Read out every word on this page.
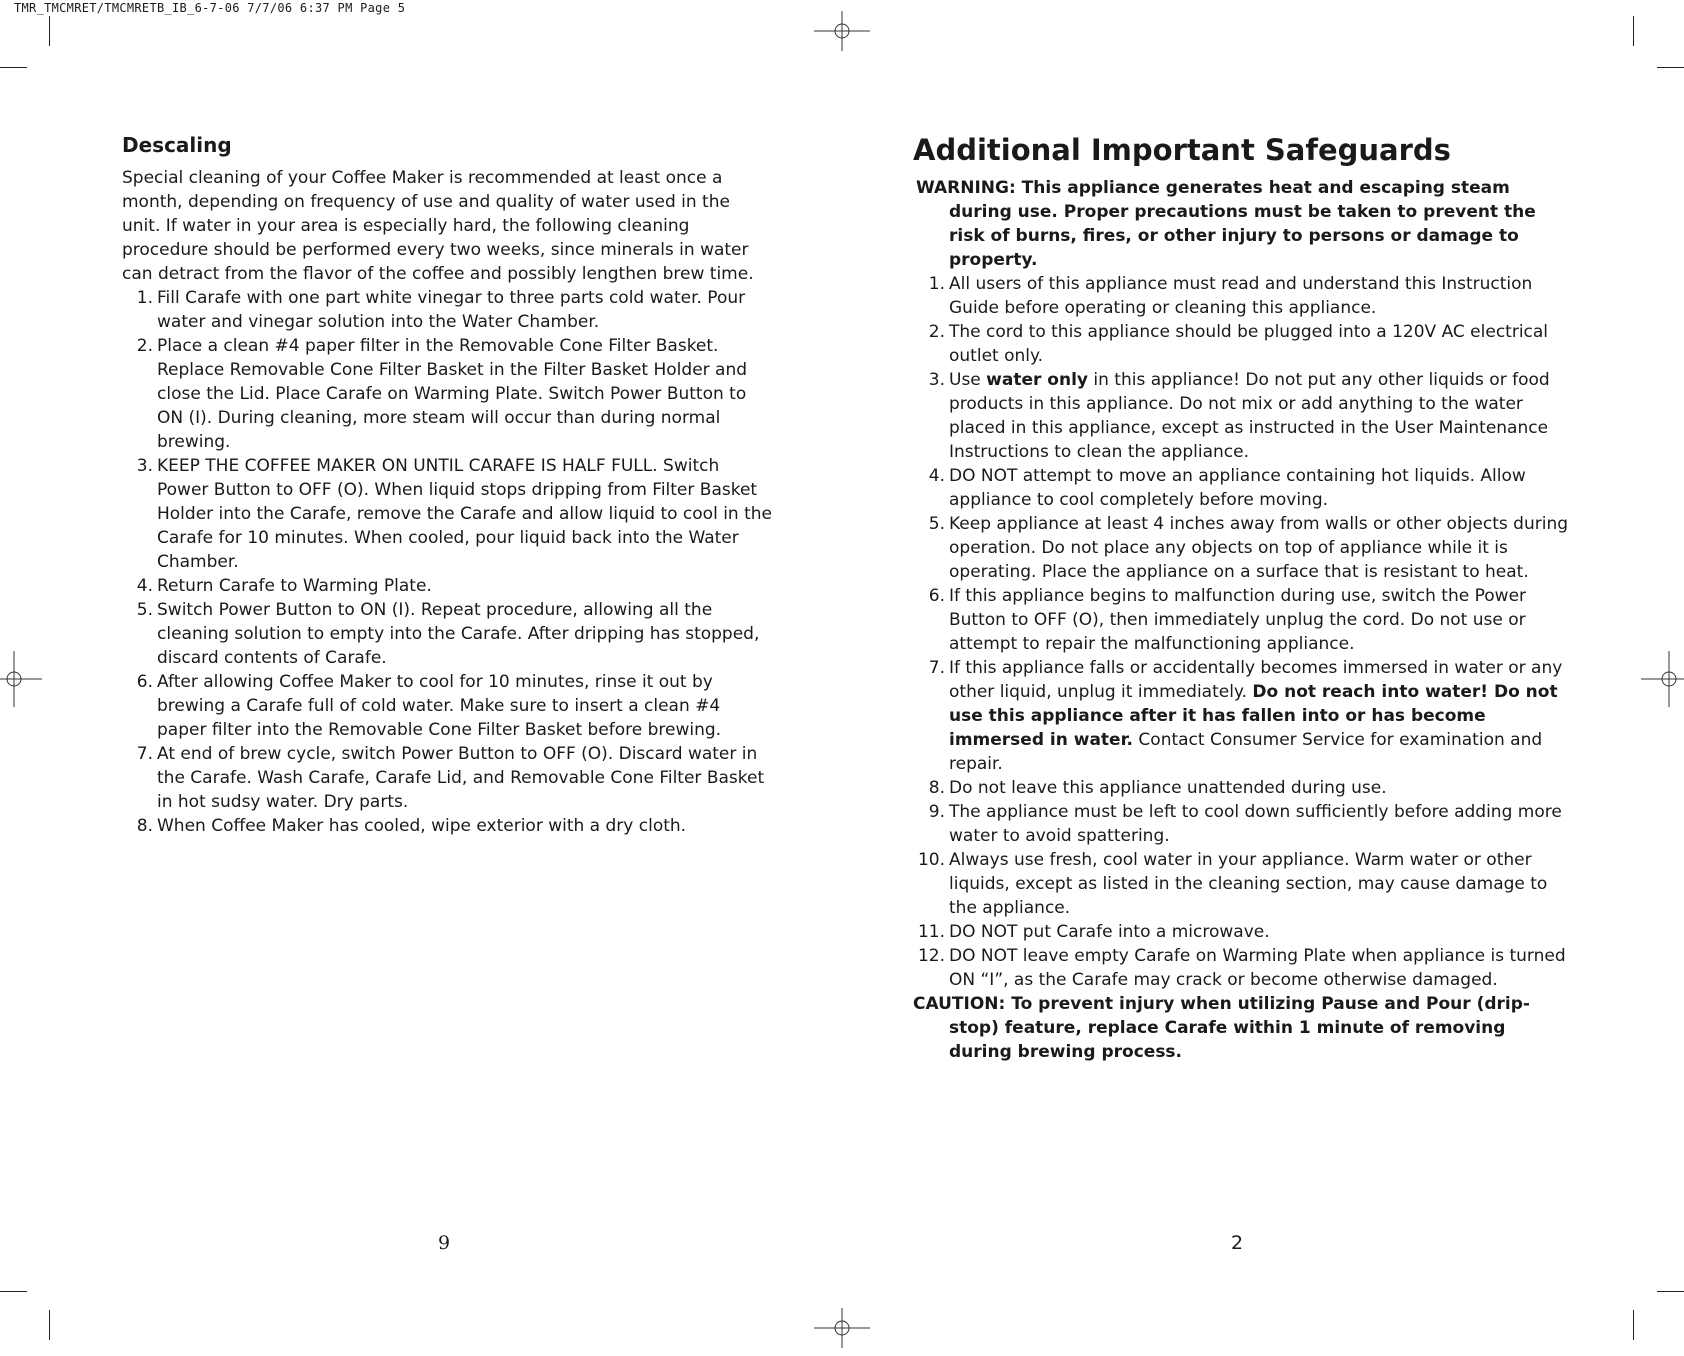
TMR_TMCMRET/TMCMRETB_IB_6-7-06 7/7/06 6:37 PM Page 5
Descaling

Special cleaning of your Coffee Maker is recommended at least once a month, depending on frequency of use and quality of water used in the unit. If water in your area is especially hard, the following cleaning procedure should be performed every two weeks, since minerals in water can detract from the flavor of the coffee and possibly lengthen brew time.

1. Fill Carafe with one part white vinegar to three parts cold water. Pour water and vinegar solution into the Water Chamber.
2. Place a clean #4 paper filter in the Removable Cone Filter Basket. Replace Removable Cone Filter Basket in the Filter Basket Holder and close the Lid. Place Carafe on Warming Plate. Switch Power Button to ON (I). During cleaning, more steam will occur than during normal brewing.
3. KEEP THE COFFEE MAKER ON UNTIL CARAFE IS HALF FULL. Switch Power Button to OFF (O). When liquid stops dripping from Filter Basket Holder into the Carafe, remove the Carafe and allow liquid to cool in the Carafe for 10 minutes. When cooled, pour liquid back into the Water Chamber.
4. Return Carafe to Warming Plate.
5. Switch Power Button to ON (I). Repeat procedure, allowing all the cleaning solution to empty into the Carafe. After dripping has stopped, discard contents of Carafe.
6. After allowing Coffee Maker to cool for 10 minutes, rinse it out by brewing a Carafe full of cold water. Make sure to insert a clean #4 paper filter into the Removable Cone Filter Basket before brewing.
7. At end of brew cycle, switch Power Button to OFF (O). Discard water in the Carafe. Wash Carafe, Carafe Lid, and Removable Cone Filter Basket in hot sudsy water. Dry parts.
8. When Coffee Maker has cooled, wipe exterior with a dry cloth.
9
Additional Important Safeguards

WARNING: This appliance generates heat and escaping steam during use. Proper precautions must be taken to prevent the risk of burns, fires, or other injury to persons or damage to property.

1. All users of this appliance must read and understand this Instruction Guide before operating or cleaning this appliance.
2. The cord to this appliance should be plugged into a 120V AC electrical outlet only.
3. Use water only in this appliance! Do not put any other liquids or food products in this appliance. Do not mix or add anything to the water placed in this appliance, except as instructed in the User Maintenance Instructions to clean the appliance.
4. DO NOT attempt to move an appliance containing hot liquids. Allow appliance to cool completely before moving.
5. Keep appliance at least 4 inches away from walls or other objects during operation. Do not place any objects on top of appliance while it is operating. Place the appliance on a surface that is resistant to heat.
6. If this appliance begins to malfunction during use, switch the Power Button to OFF (O), then immediately unplug the cord. Do not use or attempt to repair the malfunctioning appliance.
7. If this appliance falls or accidentally becomes immersed in water or any other liquid, unplug it immediately. Do not reach into water! Do not use this appliance after it has fallen into or has become immersed in water. Contact Consumer Service for examination and repair.
8. Do not leave this appliance unattended during use.
9. The appliance must be left to cool down sufficiently before adding more water to avoid spattering.
10. Always use fresh, cool water in your appliance. Warm water or other liquids, except as listed in the cleaning section, may cause damage to the appliance.
11. DO NOT put Carafe into a microwave.
12. DO NOT leave empty Carafe on Warming Plate when appliance is turned ON “I”, as the Carafe may crack or become otherwise damaged.

CAUTION: To prevent injury when utilizing Pause and Pour (drip-stop) feature, replace Carafe within 1 minute of removing during brewing process.

2
